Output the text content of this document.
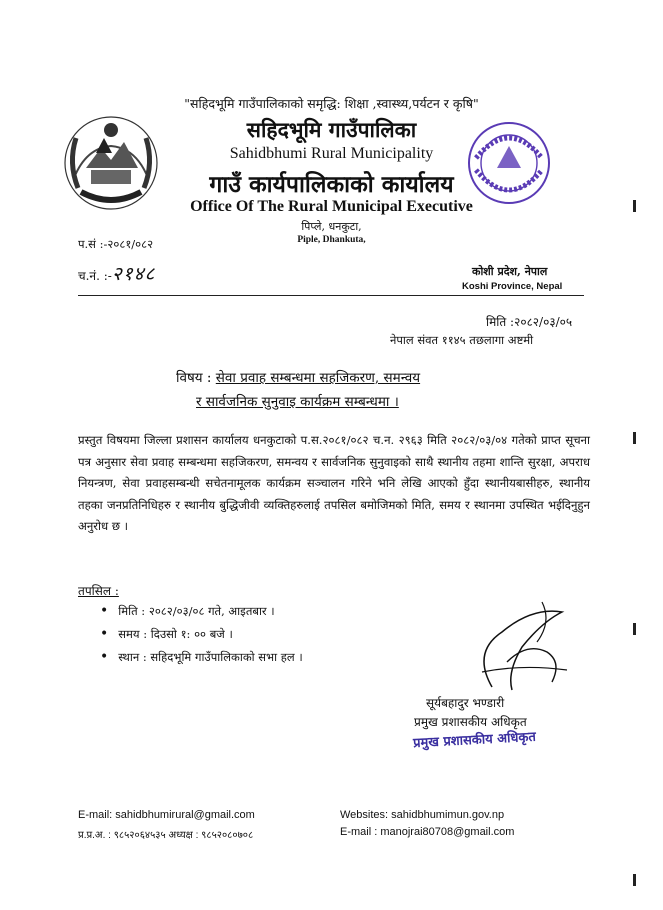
"सहिदभूमि गाउँपालिकाको समृद्धि: शिक्षा ,स्वास्थ्य,पर्यटन र कृषि"
सहिदभूमि गाउँपालिका
Sahidbhumi Rural Municipality
गाउँ कार्यपालिकाको कार्यालय
Office Of The Rural Municipal Executive
पिप्ले, धनकुटा,
Piple, Dhankuta,
प.सं :-२०८१/०८२
च.नं. :-२१४८	कोशी प्रदेश, नेपाल
Koshi Province, Nepal
मिति :२०८२/०३/०५
नेपाल संवत ११४५ तछलागा अष्टमी
विषय : सेवा प्रवाह सम्बन्धमा सहजिकरण, समन्वय
र सार्वजनिक सुनुवाइ कार्यक्रम सम्बन्धमा ।
प्रस्तुत विषयमा जिल्ला प्रशासन कार्यालय धनकुटाको प.स.२०८१/०८२ च.न. २९६३ मिति २०८२/०३/०४ गतेको प्राप्त सूचना पत्र अनुसार सेवा प्रवाह सम्बन्धमा सहजिकरण, समन्वय र सार्वजनिक सुनुवाइको साथै स्थानीय तहमा शान्ति सुरक्षा, अपराध नियन्त्रण, सेवा प्रवाहसम्बन्धी सचेतनामूलक कार्यक्रम सञ्चालन गरिने भनि लेखि आएको हुँदा स्थानीयबासीहरु, स्थानीय तहका जनप्रतिनिधिहरु र स्थानीय बुद्धिजीवी व्यक्तिहरुलाई तपसिल बमोजिमको मिति, समय र स्थानमा उपस्थित भईदिनुहुन अनुरोध छ ।
तपसिल :
• मिति : २०८२/०३/०८ गते, आइतबार ।
• समय : दिउसो १: ०० बजे ।
• स्थान : सहिदभूमि गाउँपालिकाको सभा हल ।
सूर्यबहादुर भण्डारी
प्रमुख प्रशासकीय अधिकृत
प्रमुख प्रशासकीय अधिकृत
E-mail: sahidbhumirural@gmail.com
प्र.प्र.अ. : ९८५२०६४५३५ अध्यक्ष : ९८५२०८०७०८
Websites: sahidbhumimun.gov.np
E-mail : manojrai80708@gmail.com
